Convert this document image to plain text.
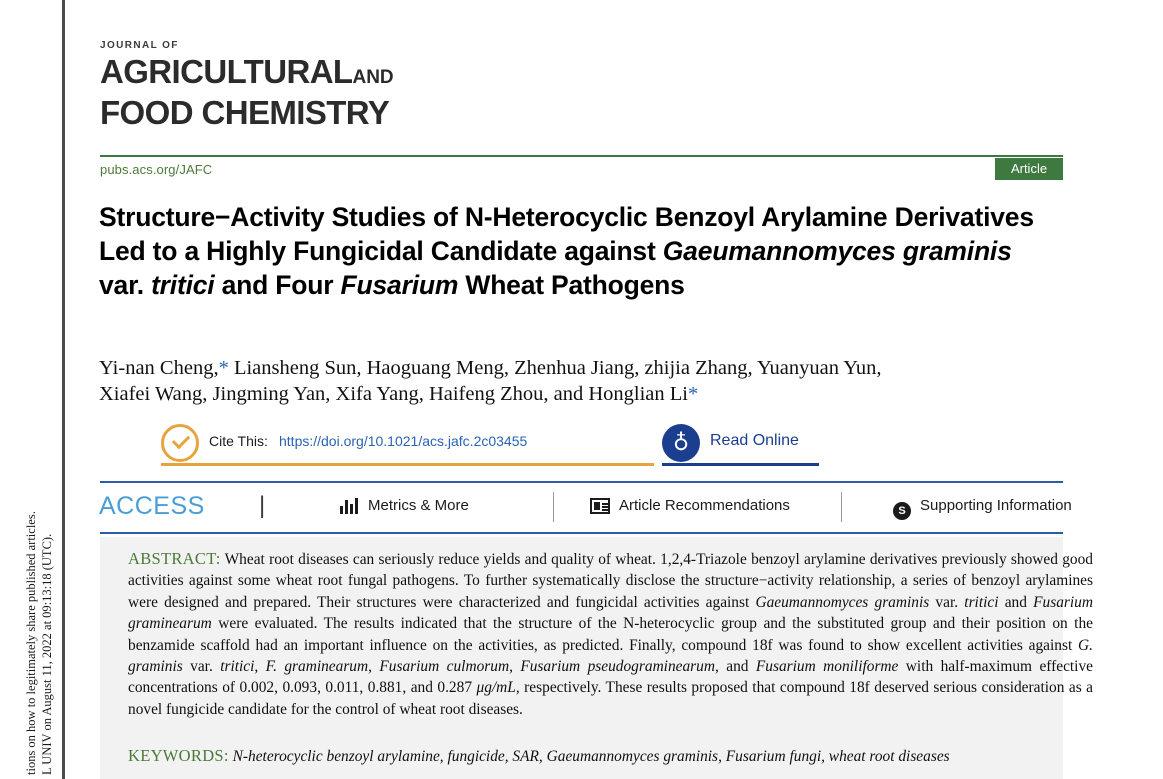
L UNIV on August 11, 2022 at 09:13:18 (UTC).
tions on how to legitimately share published articles.
JOURNAL OF
AGRICULTURALAND
FOOD CHEMISTRY
pubs.acs.org/JAFC	Article
Structure−Activity Studies of N-Heterocyclic Benzoyl Arylamine Derivatives Led to a Highly Fungicidal Candidate against Gaeumannomyces graminis var. tritici and Four Fusarium Wheat Pathogens
Yi-nan Cheng,* Liansheng Sun, Haoguang Meng, Zhenhua Jiang, zhijia Zhang, Yuanyuan Yun,
Xiafei Wang, Jingming Yan, Xifa Yang, Haifeng Zhou, and Honglian Li*
Cite This: https://doi.org/10.1021/acs.jafc.2c03455	♁	Read Online
ACCESS |	Metrics & More	Article Recommendations	S Supporting Information
ABSTRACT: Wheat root diseases can seriously reduce yields and quality of wheat. 1,2,4-Triazole benzoyl arylamine derivatives previously showed good activities against some wheat root fungal pathogens. To further systematically disclose the structure−activity relationship, a series of benzoyl arylamines were designed and prepared. Their structures were characterized and fungicidal activities against Gaeumannomyces graminis var. tritici and Fusarium graminearum were evaluated. The results indicated that the structure of the N-heterocyclic group and the substituted group and their position on the benzamide scaffold had an important influence on the activities, as predicted. Finally, compound 18f was found to show excellent activities against G. graminis var. tritici, F. graminearum, Fusarium culmorum, Fusarium pseudograminearum, and Fusarium moniliforme with half-maximum effective concentrations of 0.002, 0.093, 0.011, 0.881, and 0.287 μg/mL, respectively. These results proposed that compound 18f deserved serious consideration as a novel fungicide candidate for the control of wheat root diseases.
KEYWORDS: N-heterocyclic benzoyl arylamine, fungicide, SAR, Gaeumannomyces graminis, Fusarium fungi, wheat root diseases
